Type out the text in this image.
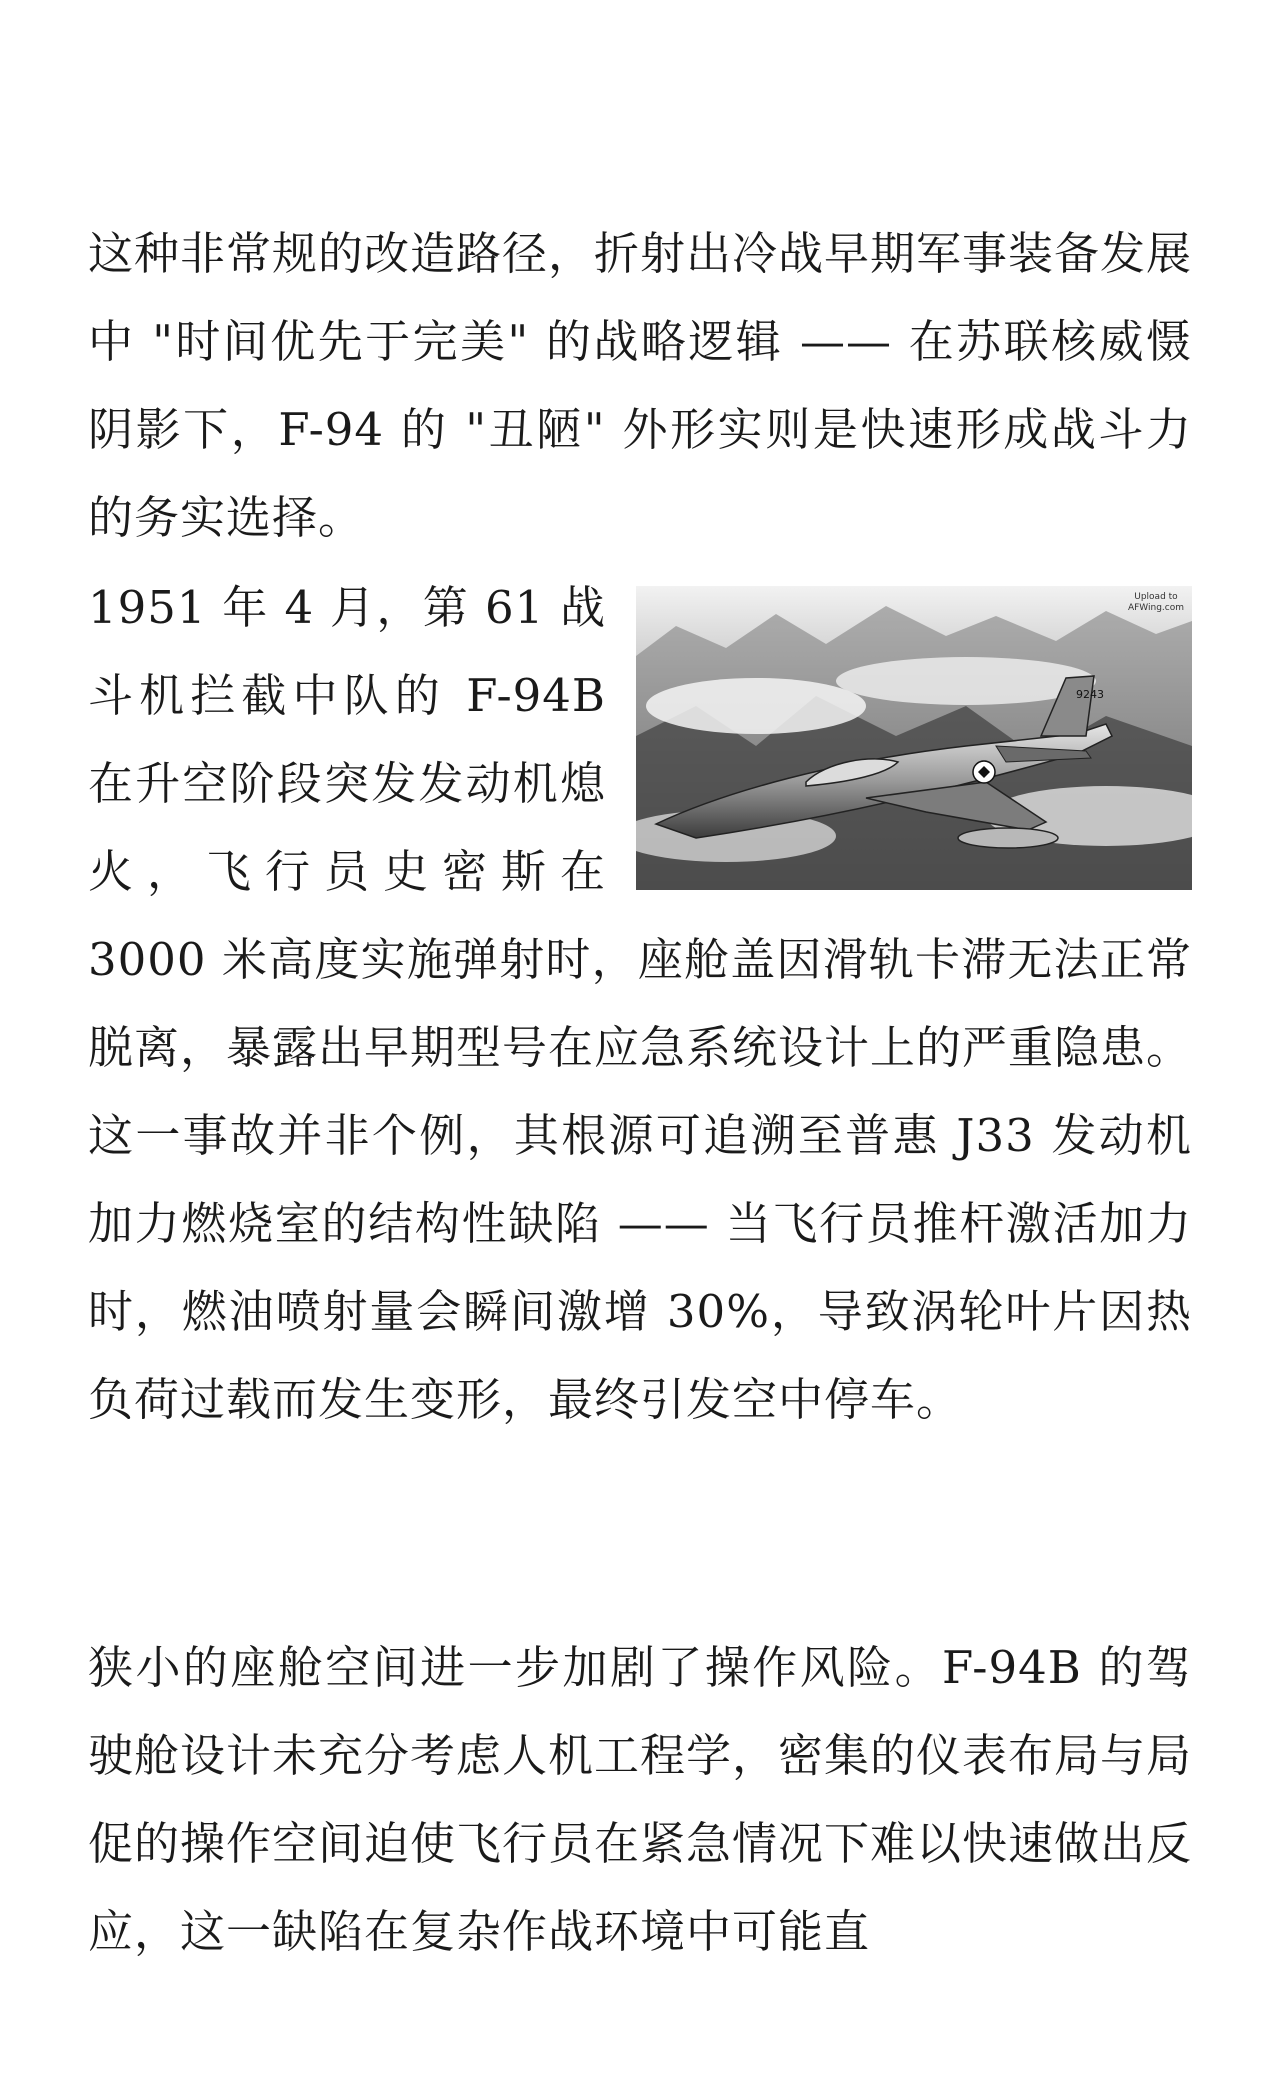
这种非常规的改造路径，折射出冷战早期军事装备发展中 "时间优先于完美" 的战略逻辑 —— 在苏联核威慑阴影下，F-94 的 "丑陋" 外形实则是快速形成战斗力的务实选择。

9243
Upload to
AFWing.com

1951 年 4 月，第 61 战斗机拦截中队的 F-94B 在升空阶段突发发动机熄火，飞行员史密斯在 3000 米高度实施弹射时，座舱盖因滑轨卡滞无法正常脱离，暴露出早期型号在应急系统设计上的严重隐患。这一事故并非个例，其根源可追溯至普惠 J33 发动机加力燃烧室的结构性缺陷 —— 当飞行员推杆激活加力时，燃油喷射量会瞬间激增 30%，导致涡轮叶片因热负荷过载而发生变形，最终引发空中停车。

狭小的座舱空间进一步加剧了操作风险。F-94B 的驾驶舱设计未充分考虑人机工程学，密集的仪表布局与局促的操作空间迫使飞行员在紧急情况下难以快速做出反应，这一缺陷在复杂作战环境中可能直
